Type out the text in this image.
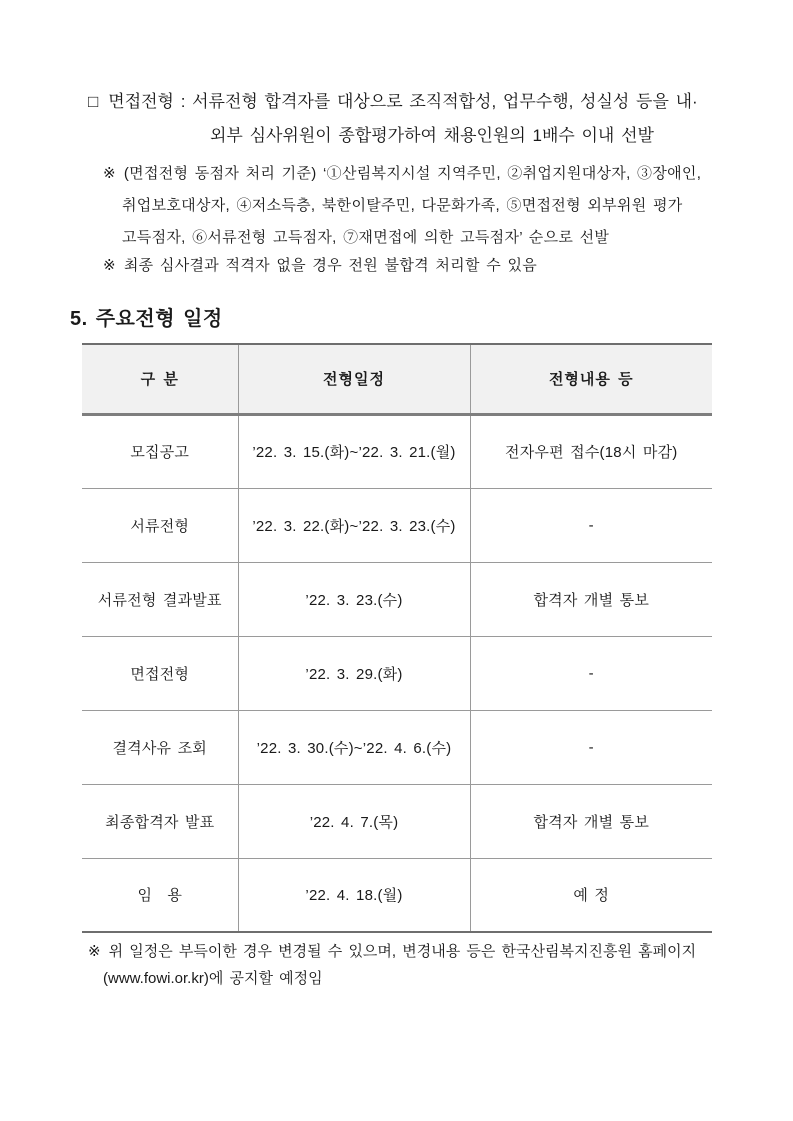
□ 면접전형 : 서류전형 합격자를 대상으로 조직적합성, 업무수행, 성실성 등을 내·
외부 심사위원이 종합평가하여 채용인원의 1배수 이내 선발
※ (면접전형 동점자 처리 기준) ‘①산림복지시설 지역주민, ②취업지원대상자, ③장애인,
취업보호대상자, ④저소득층, 북한이탈주민, 다문화가족, ⑤면접전형 외부위원 평가
고득점자, ⑥서류전형 고득점자, ⑦재면접에 의한 고득점자’ 순으로 선발
※ 최종 심사결과 적격자 없을 경우 전원 불합격 처리할 수 있음
5. 주요전형 일정
구 분	전형일정	전형내용 등
모집공고	’22. 3. 15.(화)~’22. 3. 21.(월)	전자우편 접수(18시 마감)
서류전형	’22. 3. 22.(화)~’22. 3. 23.(수)	-
서류전형 결과발표	’22. 3. 23.(수)	합격자 개별 통보
면접전형	’22. 3. 29.(화)	-
결격사유 조회	’22. 3. 30.(수)~’22. 4. 6.(수)	-
최종합격자 발표	’22. 4. 7.(목)	합격자 개별 통보
임　용	’22. 4. 18.(월)	예 정
※ 위 일정은 부득이한 경우 변경될 수 있으며, 변경내용 등은 한국산림복지진흥원 홈페이지
(www.fowi.or.kr)에 공지할 예정임
